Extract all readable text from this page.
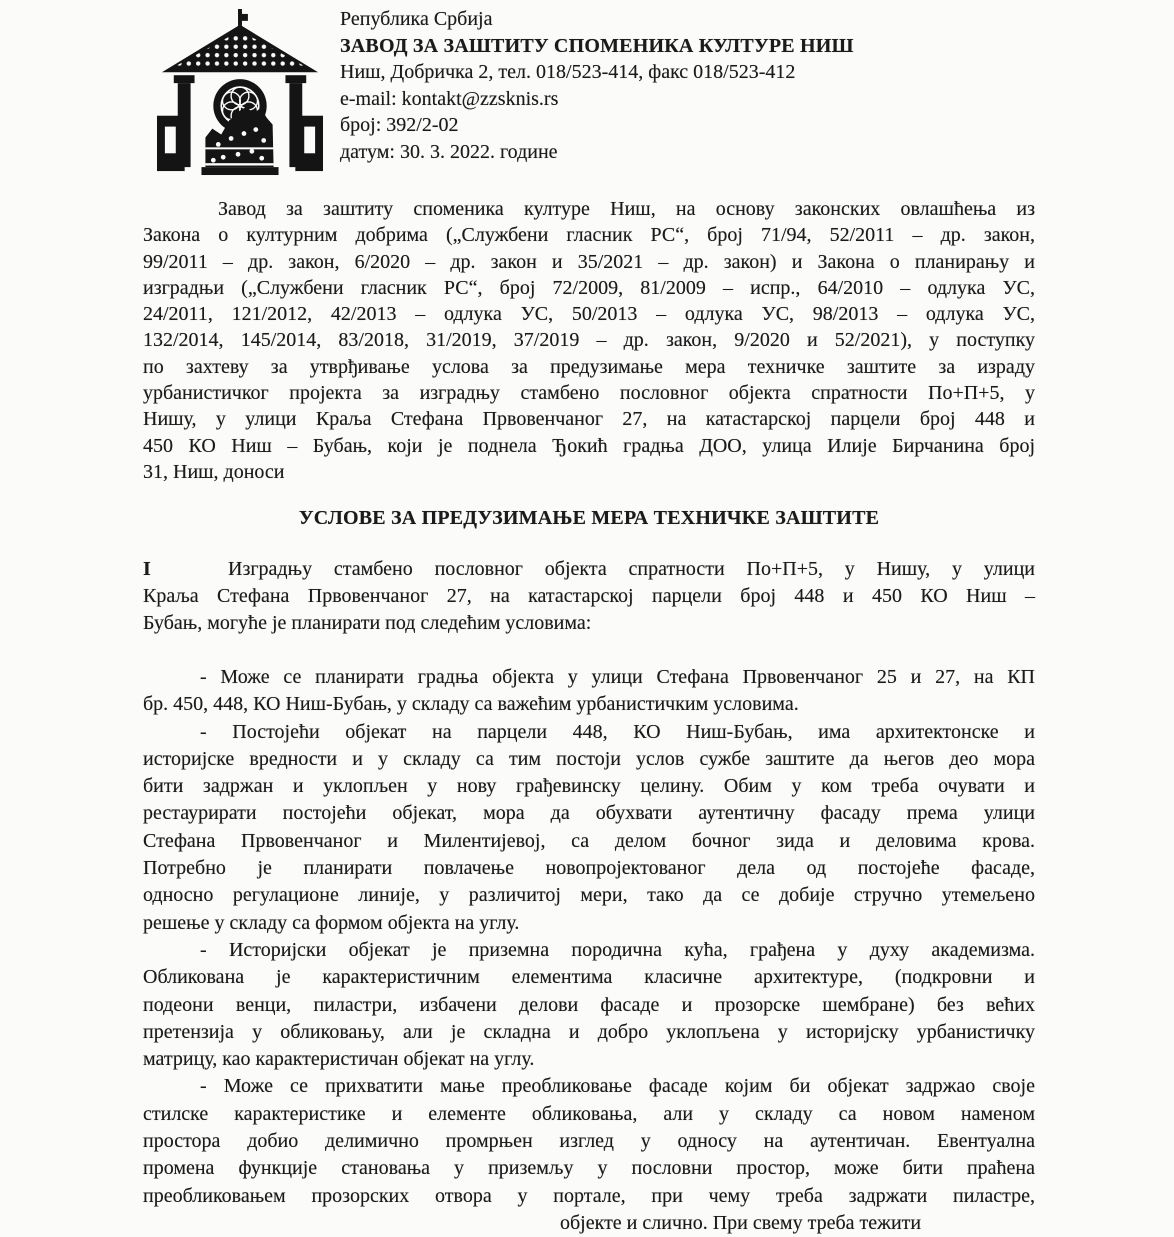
Република Србија
ЗАВОД ЗА ЗАШТИТУ СПОМЕНИКА КУЛТУРЕ НИШ
Ниш, Добричка 2, тел. 018/523-414, факс 018/523-412
e-mail: kontakt@zzsknis.rs
број: 392/2-02
датум: 30. 3. 2022. године
Завод за заштиту споменика културе Ниш, на основу законских овлашћења из
Закона о културним добрима („Службени гласник РС“, број 71/94, 52/2011 – др. закон,
99/2011 – др. закон, 6/2020 – др. закон и 35/2021 – др. закон) и Закона о планирању и
изградњи („Службени гласник РС“, број 72/2009, 81/2009 – испр., 64/2010 – одлука УС,
24/2011, 121/2012, 42/2013 – одлука УС, 50/2013 – одлука УС, 98/2013 – одлука УС,
132/2014, 145/2014, 83/2018, 31/2019, 37/2019 – др. закон, 9/2020 и 52/2021), у поступку
по захтеву за утврђивање услова за предузимање мера техничке заштите за израду
урбанистичког пројекта за изградњу стамбено пословног објекта спратности По+П+5, у
Нишу, у улици Краља Стефана Првовенчаног 27, на катастарској парцели број 448 и
450 КО Ниш – Бубањ, који је поднела Ђокић градња ДОО, улица Илије Бирчанина број
31, Ниш, доноси
УСЛОВЕ ЗА ПРЕДУЗИМАЊЕ МЕРА ТЕХНИЧКЕ ЗАШТИТЕ
I	Изградњу стамбено пословног објекта спратности По+П+5, у Нишу, у улици
Краља Стефана Првовенчаног 27, на катастарској парцели број 448 и 450 КО Ниш –
Бубањ, могуће је планирати под следећим условима:
- Може се планирати градња објекта у улици Стефана Првовенчаног 25 и 27, на КП
бр. 450, 448, КО Ниш-Бубањ, у складу са важећим урбанистичким условима.
- Постојећи објекат на парцели 448, КО Ниш-Бубањ, има архитектонске и
историјске вредности и у складу са тим постоји услов сужбе заштите да његов део мора
бити задржан и уклопљен у нову грађевинску целину. Обим у ком треба очувати и
рестаурирати постојећи објекат, мора да обухвати аутентичну фасаду према улици
Стефана Првовенчаног и Милентијевој, са делом бочног зида и деловима крова.
Потребно је планирати повлачење новопројектованог дела од постојеће фасаде,
односно регулационе линије, у различитој мери, тако да се добије стручно утемељено
решење у складу са формом објекта на углу.
- Историјски објекат је приземна породична кућа, грађена у духу академизма.
Обликована је карактеристичним елементима класичне архитектуре, (подкровни и
подеони венци, пиластри, избачени делови фасаде и прозорске шембране) без већих
претензија у обликовању, али је складна и добро уклопљена у историјску урбанистичку
матрицу, као карактеристичан објекат на углу.
- Може се прихватити мање преобликовање фасаде којим би објекат задржао своје
стилске карактеристике и елементе обликовања, али у складу са новом наменом
простора добио делимично промрњен изглед у односу на аутентичан. Евентуална
промена функције становања у приземљу у пословни простор, може бити праћена
преобликовањем прозорских отвора у портале, при чему треба задржати пиластре,
објекте и слично. При свему треба тежити
